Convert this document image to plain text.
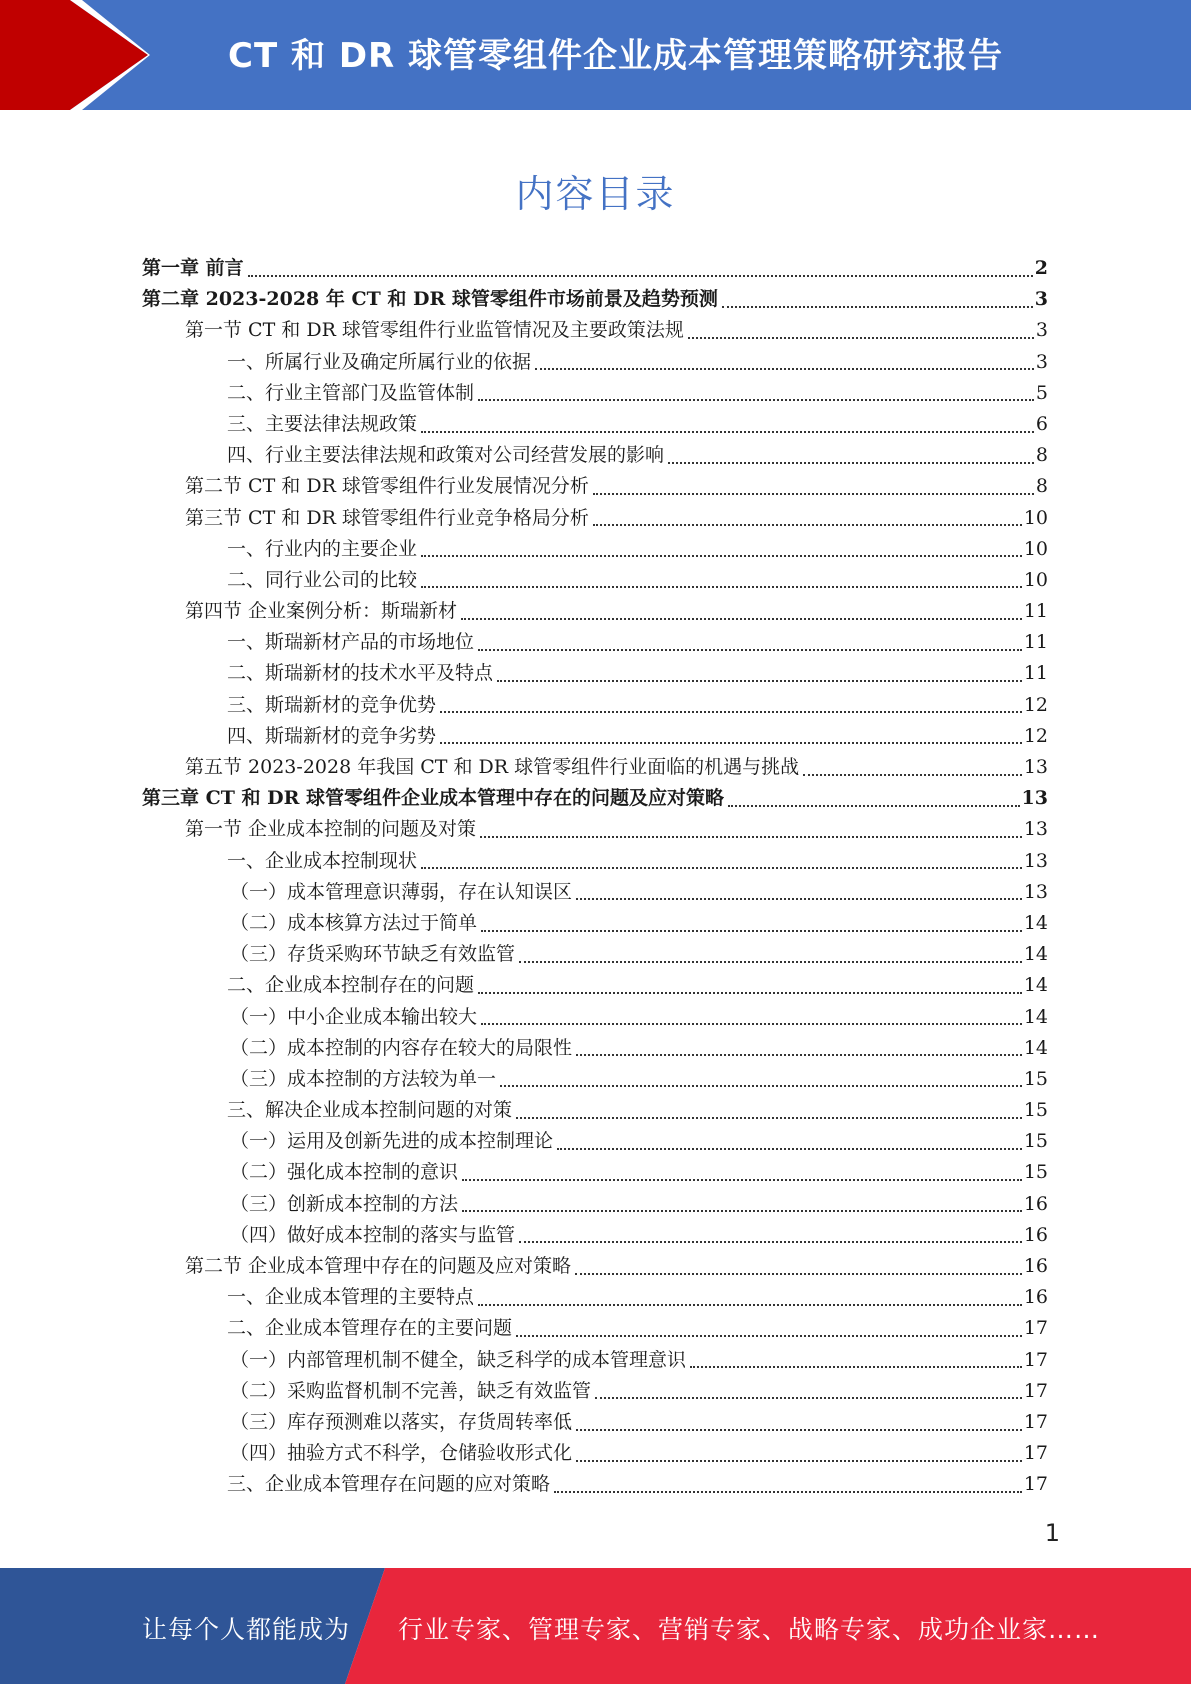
CT 和 DR 球管零组件企业成本管理策略研究报告
内容目录
第一章 前言	2
第二章 2023-2028 年 CT 和 DR 球管零组件市场前景及趋势预测	3
第一节 CT 和 DR 球管零组件行业监管情况及主要政策法规	3
一、所属行业及确定所属行业的依据	3
二、行业主管部门及监管体制	5
三、主要法律法规政策	6
四、行业主要法律法规和政策对公司经营发展的影响	8
第二节 CT 和 DR 球管零组件行业发展情况分析	8
第三节 CT 和 DR 球管零组件行业竞争格局分析	10
一、行业内的主要企业	10
二、同行业公司的比较	10
第四节 企业案例分析：斯瑞新材	11
一、斯瑞新材产品的市场地位	11
二、斯瑞新材的技术水平及特点	11
三、斯瑞新材的竞争优势	12
四、斯瑞新材的竞争劣势	12
第五节 2023-2028 年我国 CT 和 DR 球管零组件行业面临的机遇与挑战	13
第三章 CT 和 DR 球管零组件企业成本管理中存在的问题及应对策略	13
第一节 企业成本控制的问题及对策	13
一、企业成本控制现状	13
（一）成本管理意识薄弱，存在认知误区	13
（二）成本核算方法过于简单	14
（三）存货采购环节缺乏有效监管	14
二、企业成本控制存在的问题	14
（一）中小企业成本输出较大	14
（二）成本控制的内容存在较大的局限性	14
（三）成本控制的方法较为单一	15
三、解决企业成本控制问题的对策	15
（一）运用及创新先进的成本控制理论	15
（二）强化成本控制的意识	15
（三）创新成本控制的方法	16
（四）做好成本控制的落实与监管	16
第二节 企业成本管理中存在的问题及应对策略	16
一、企业成本管理的主要特点	16
二、企业成本管理存在的主要问题	17
（一）内部管理机制不健全，缺乏科学的成本管理意识	17
（二）采购监督机制不完善，缺乏有效监管	17
（三）库存预测难以落实，存货周转率低	17
（四）抽验方式不科学，仓储验收形式化	17
三、企业成本管理存在问题的应对策略	17
1
让每个人都能成为 行业专家、管理专家、营销专家、战略专家、成功企业家……
